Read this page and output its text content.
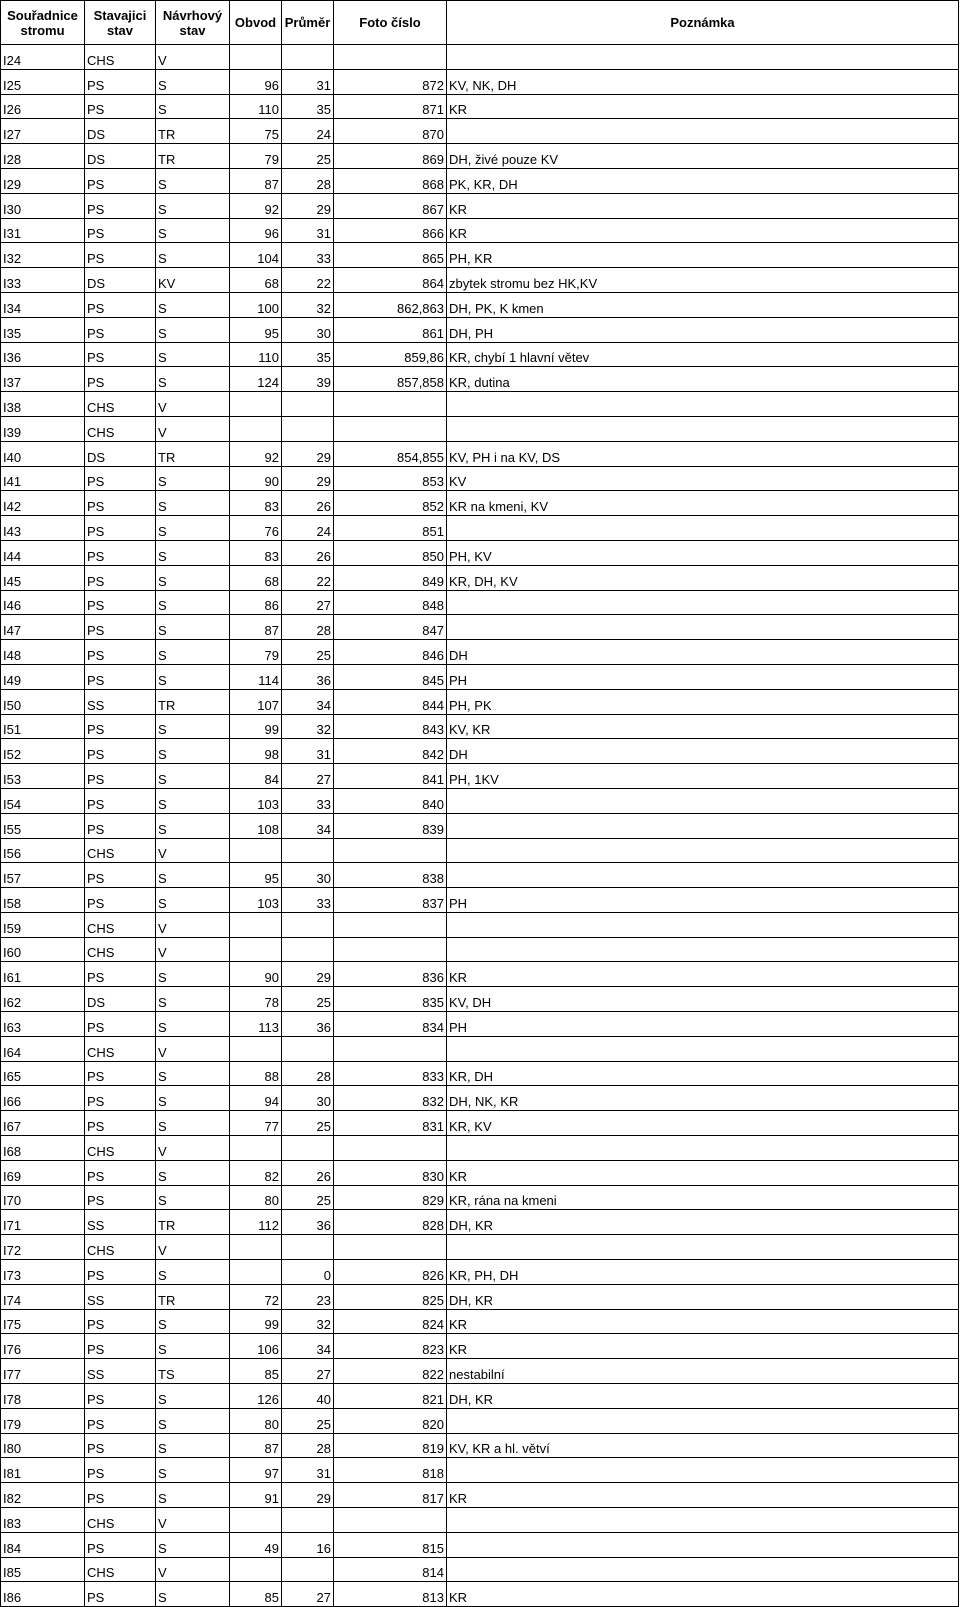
Souřadnice stromu	Stavajici stav	Návrhový stav	Obvod	Průměr	Foto číslo	Poznámka
I24	CHS	V				
I25	PS	S	96	31	872	KV, NK, DH
I26	PS	S	110	35	871	KR
I27	DS	TR	75	24	870	
I28	DS	TR	79	25	869	DH, živé pouze KV
I29	PS	S	87	28	868	PK, KR, DH
I30	PS	S	92	29	867	KR
I31	PS	S	96	31	866	KR
I32	PS	S	104	33	865	PH, KR
I33	DS	KV	68	22	864	zbytek stromu bez HK,KV
I34	PS	S	100	32	862,863	DH, PK, K kmen
I35	PS	S	95	30	861	DH, PH
I36	PS	S	110	35	859,86	KR, chybí 1 hlavní větev
I37	PS	S	124	39	857,858	KR, dutina
I38	CHS	V				
I39	CHS	V				
I40	DS	TR	92	29	854,855	KV, PH i na KV, DS
I41	PS	S	90	29	853	KV
I42	PS	S	83	26	852	KR na kmeni, KV
I43	PS	S	76	24	851	
I44	PS	S	83	26	850	PH, KV
I45	PS	S	68	22	849	KR, DH, KV
I46	PS	S	86	27	848	
I47	PS	S	87	28	847	
I48	PS	S	79	25	846	DH
I49	PS	S	114	36	845	PH
I50	SS	TR	107	34	844	PH, PK
I51	PS	S	99	32	843	KV, KR
I52	PS	S	98	31	842	DH
I53	PS	S	84	27	841	PH, 1KV
I54	PS	S	103	33	840	
I55	PS	S	108	34	839	
I56	CHS	V				
I57	PS	S	95	30	838	
I58	PS	S	103	33	837	PH
I59	CHS	V				
I60	CHS	V				
I61	PS	S	90	29	836	KR
I62	DS	S	78	25	835	KV, DH
I63	PS	S	113	36	834	PH
I64	CHS	V				
I65	PS	S	88	28	833	KR, DH
I66	PS	S	94	30	832	DH, NK, KR
I67	PS	S	77	25	831	KR, KV
I68	CHS	V				
I69	PS	S	82	26	830	KR
I70	PS	S	80	25	829	KR, rána na kmeni
I71	SS	TR	112	36	828	DH, KR
I72	CHS	V				
I73	PS	S		0	826	KR, PH, DH
I74	SS	TR	72	23	825	DH, KR
I75	PS	S	99	32	824	KR
I76	PS	S	106	34	823	KR
I77	SS	TS	85	27	822	nestabilní
I78	PS	S	126	40	821	DH, KR
I79	PS	S	80	25	820	
I80	PS	S	87	28	819	KV, KR a hl. větví
I81	PS	S	97	31	818	
I82	PS	S	91	29	817	KR
I83	CHS	V				
I84	PS	S	49	16	815	
I85	CHS	V			814	
I86	PS	S	85	27	813	KR
